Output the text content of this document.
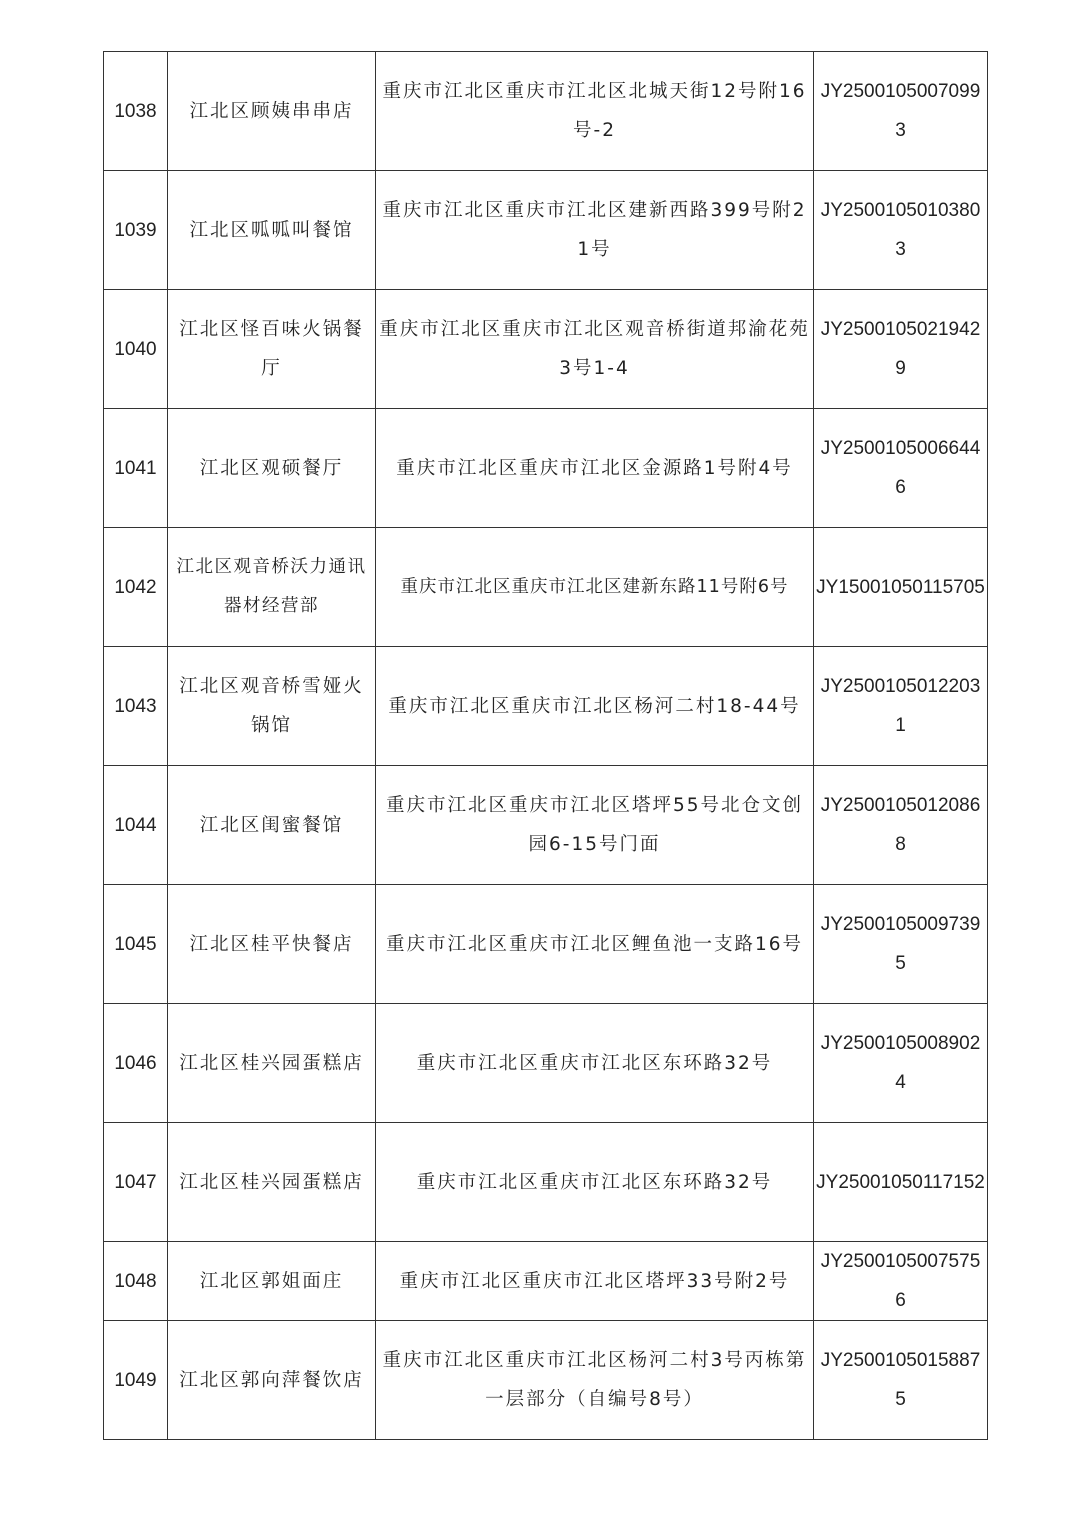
1038	江北区顾姨串串店	重庆市江北区重庆市江北区北城天街12号附16号-2	JY25001050070993
1039	江北区呱呱叫餐馆	重庆市江北区重庆市江北区建新西路399号附21号	JY25001050103803
1040	江北区怪百味火锅餐厅	重庆市江北区重庆市江北区观音桥街道邦渝花苑3号1-4	JY25001050219429
1041	江北区观硕餐厅	重庆市江北区重庆市江北区金源路1号附4号	JY25001050066446
1042	江北区观音桥沃力通讯器材经营部	重庆市江北区重庆市江北区建新东路11号附6号	JY15001050115705
1043	江北区观音桥雪娅火锅馆	重庆市江北区重庆市江北区杨河二村18-44号	JY25001050122031
1044	江北区闺蜜餐馆	重庆市江北区重庆市江北区塔坪55号北仓文创园6-15号门面	JY25001050120868
1045	江北区桂平快餐店	重庆市江北区重庆市江北区鲤鱼池一支路16号	JY25001050097395
1046	江北区桂兴园蛋糕店	重庆市江北区重庆市江北区东环路32号	JY25001050089024
1047	江北区桂兴园蛋糕店	重庆市江北区重庆市江北区东环路32号	JY25001050117152
1048	江北区郭姐面庄	重庆市江北区重庆市江北区塔坪33号附2号	JY25001050075756
1049	江北区郭向萍餐饮店	重庆市江北区重庆市江北区杨河二村3号丙栋第一层部分（自编号8号）	JY25001050158875
